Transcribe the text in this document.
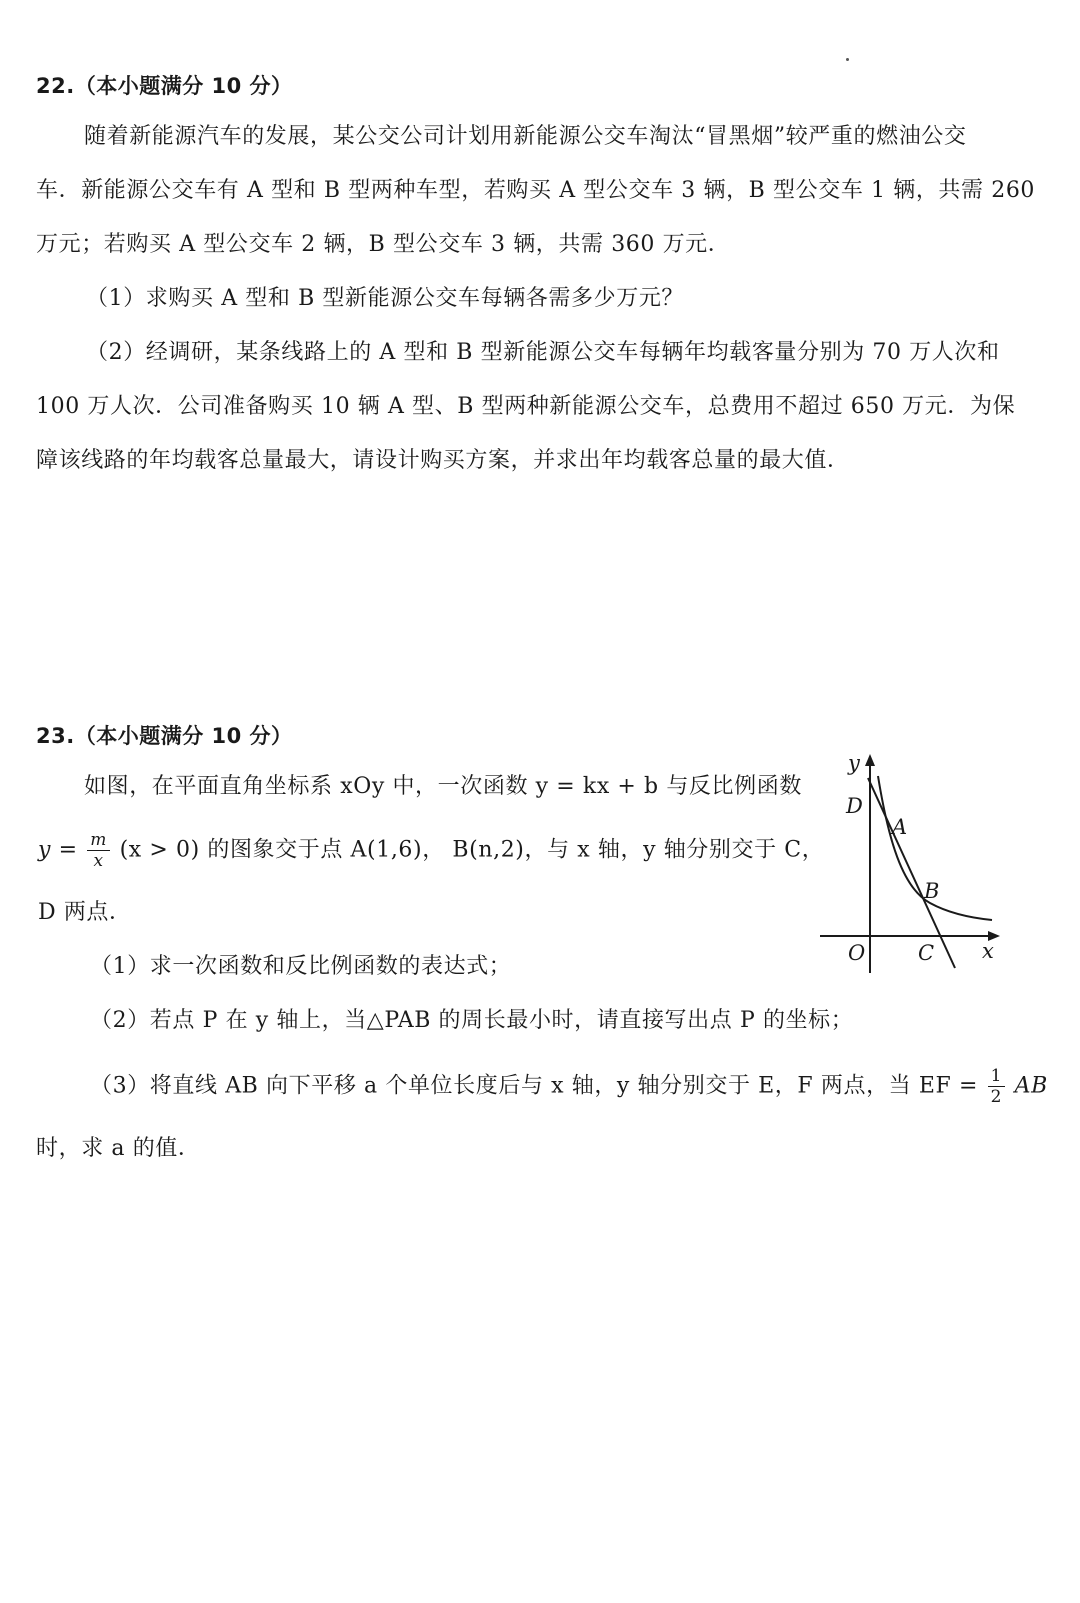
22.（本小题满分 10 分）
随着新能源汽车的发展，某公交公司计划用新能源公交车淘汰“冒黑烟”较严重的燃油公交
车．新能源公交车有 A 型和 B 型两种车型，若购买 A 型公交车 3 辆，B 型公交车 1 辆，共需 260
万元；若购买 A 型公交车 2 辆，B 型公交车 3 辆，共需 360 万元．
（1）求购买 A 型和 B 型新能源公交车每辆各需多少万元？
（2）经调研，某条线路上的 A 型和 B 型新能源公交车每辆年均载客量分别为 70 万人次和
100 万人次．公司准备购买 10 辆 A 型、B 型两种新能源公交车，总费用不超过 650 万元．为保
障该线路的年均载客总量最大，请设计购买方案，并求出年均载客总量的最大值．
23.（本小题满分 10 分）
如图，在平面直角坐标系 xOy 中，一次函数 y = kx + b 与反比例函数
$y = \frac{m}{x} (x > 0)$ 的图象交于点 A(1,6)， B(n,2)，与 x 轴，y 轴分别交于 C，
D 两点．
（1）求一次函数和反比例函数的表达式；
（2）若点 P 在 y 轴上，当△PAB 的周长最小时，请直接写出点 P 的坐标；
（3）将直线 AB 向下平移 a 个单位长度后与 x 轴，y 轴分别交于 E，F 两点，当 EF = $\frac{1}{2}$ AB
时，求 a 的值．
y
x
O
D
A
B
C
